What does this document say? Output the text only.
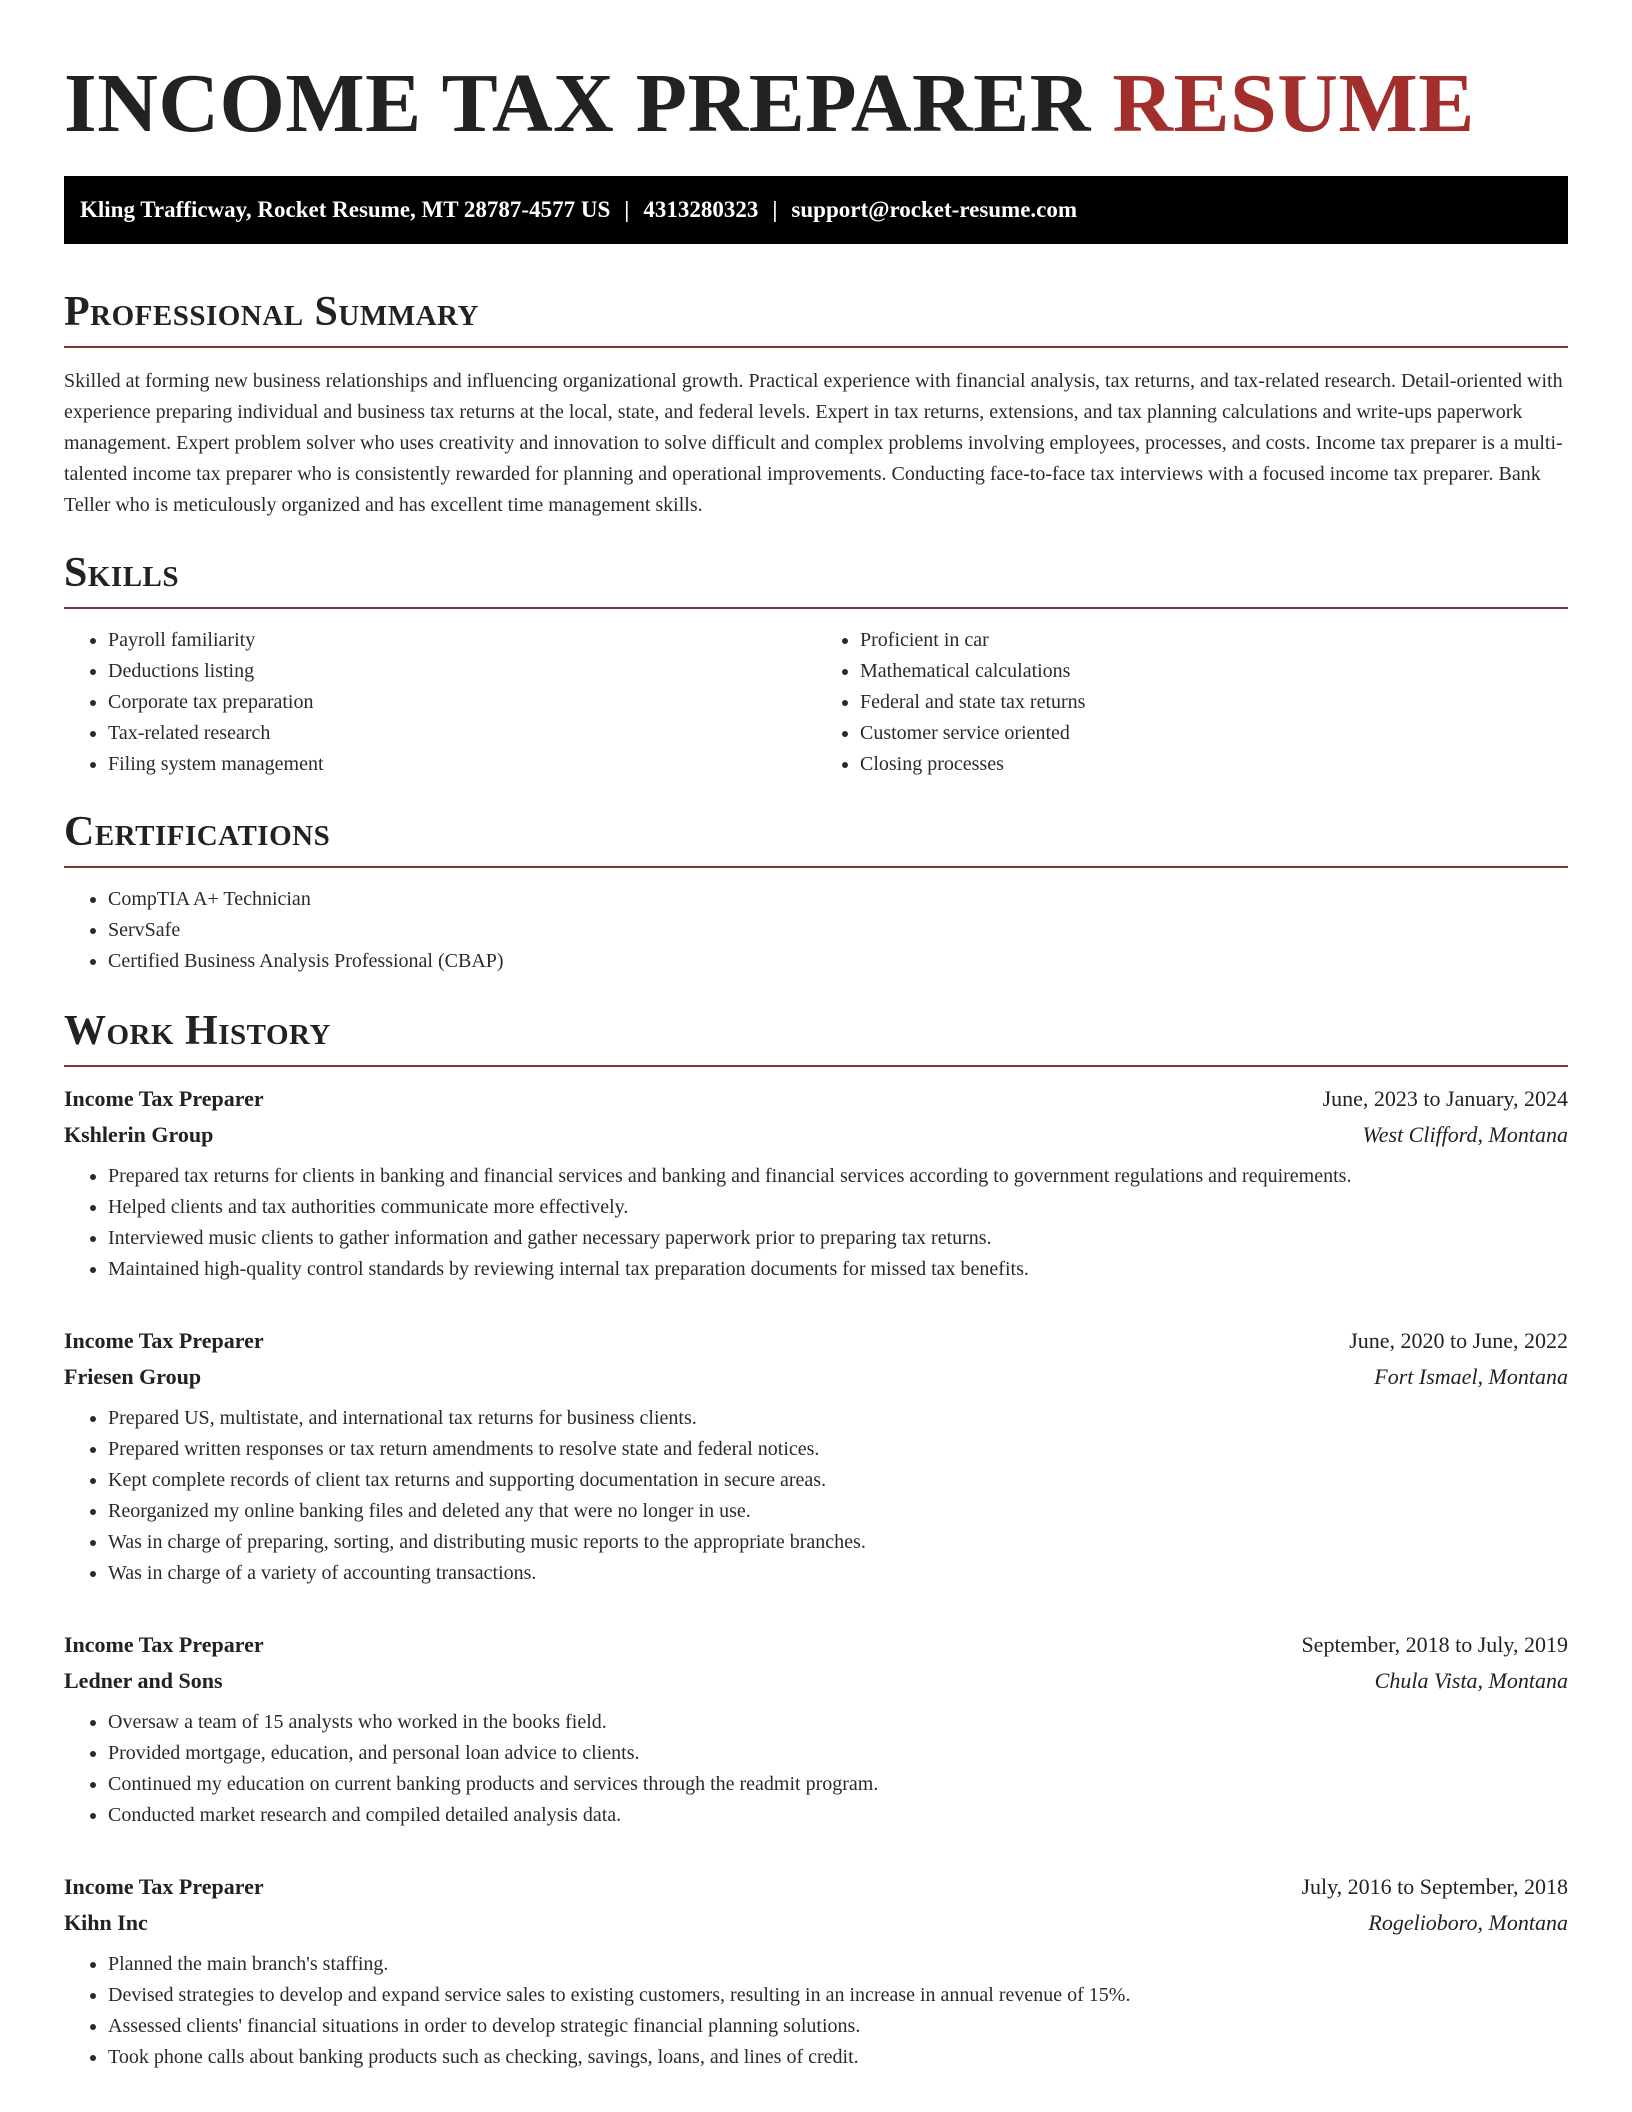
INCOME TAX PREPARER RESUME
Kling Trafficway, Rocket Resume, MT 28787-4577 US | 4313280323 | support@rocket-resume.com
Professional Summary

Skilled at forming new business relationships and influencing organizational growth. Practical experience with financial analysis, tax returns, and tax-related research. Detail-oriented with experience preparing individual and business tax returns at the local, state, and federal levels. Expert in tax returns, extensions, and tax planning calculations and write-ups paperwork management. Expert problem solver who uses creativity and innovation to solve difficult and complex problems involving employees, processes, and costs. Income tax preparer is a multi-talented income tax preparer who is consistently rewarded for planning and operational improvements. Conducting face-to-face tax interviews with a focused income tax preparer. Bank Teller who is meticulously organized and has excellent time management skills.

Skills
• Payroll familiarity
• Deductions listing
• Corporate tax preparation
• Tax-related research
• Filing system management
• Proficient in car
• Mathematical calculations
• Federal and state tax returns
• Customer service oriented
• Closing processes
Certifications
• CompTIA A+ Technician
• ServSafe
• Certified Business Analysis Professional (CBAP)
Work History
Income Tax Preparer	June, 2023 to January, 2024
Kshlerin Group	West Clifford, Montana
• Prepared tax returns for clients in banking and financial services and banking and financial services according to government regulations and requirements.
• Helped clients and tax authorities communicate more effectively.
• Interviewed music clients to gather information and gather necessary paperwork prior to preparing tax returns.
• Maintained high-quality control standards by reviewing internal tax preparation documents for missed tax benefits.
Income Tax Preparer	June, 2020 to June, 2022
Friesen Group	Fort Ismael, Montana
• Prepared US, multistate, and international tax returns for business clients.
• Prepared written responses or tax return amendments to resolve state and federal notices.
• Kept complete records of client tax returns and supporting documentation in secure areas.
• Reorganized my online banking files and deleted any that were no longer in use.
• Was in charge of preparing, sorting, and distributing music reports to the appropriate branches.
• Was in charge of a variety of accounting transactions.
Income Tax Preparer	September, 2018 to July, 2019
Ledner and Sons	Chula Vista, Montana
• Oversaw a team of 15 analysts who worked in the books field.
• Provided mortgage, education, and personal loan advice to clients.
• Continued my education on current banking products and services through the readmit program.
• Conducted market research and compiled detailed analysis data.
Income Tax Preparer	July, 2016 to September, 2018
Kihn Inc	Rogelioboro, Montana
• Planned the main branch's staffing.
• Devised strategies to develop and expand service sales to existing customers, resulting in an increase in annual revenue of 15%.
• Assessed clients' financial situations in order to develop strategic financial planning solutions.
• Took phone calls about banking products such as checking, savings, loans, and lines of credit.
